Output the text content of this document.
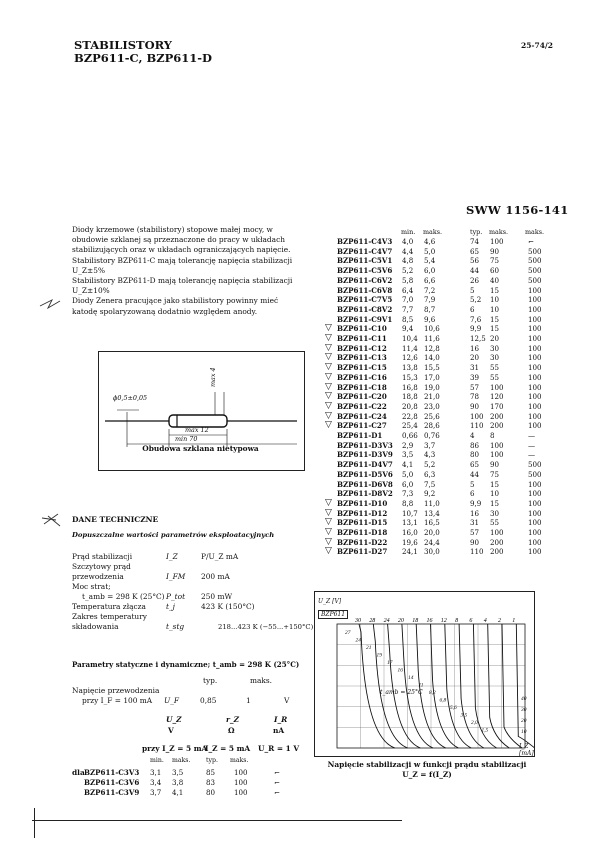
STABILISTORY
BZP611-C, BZP611-D
25-74/2
SWW 1156-141

Diody krzemowe (stabilistory) stopowe małej mocy, w obudowie szklanej są przeznaczone do pracy w układach stabilizujących oraz w układach ograniczających napięcie.

Stabilistory BZP611-C mają tolerancję napięcia stabilizacji U_Z±5%

Stabilistory BZP611-D mają tolerancję napięcia stabilizacji U_Z±10%

Diody Zenera pracujące jako stabilistory powinny mieć katodę spolaryzowaną dodatnio względem anody.

ϕ0,5±0,05
max 4
max 12
min 70
Obudowa szklana nietypowa
DANE TECHNICZNE
Dopuszczalne wartości parametrów eksploatacyjnych
Prąd stabilizacji	I_Z	P/U_Z mA
Szczytowy prąd przewodzenia	I_FM 200 mA
Moc strat;
t_amb = 298 K (25°C) P_tot 250 mW
Temperatura złącza	t_j	423 K (150°C)
Zakres temperatury składowania	t_stg	218...423 K (−55...+150°C)
Parametry statyczne i dynamiczne; t_amb = 298 K (25°C)
typ.	maks.
Napięcie przewodzenia
przy I_F = 100 mA U_F	0,85	1	V
U_Z	r_Z	I_R
V	Ω	nA
przy I_Z = 5 mA
I_Z = 5 mA U_R = 1 V
min. maks.	typ. maks.
dla BZP611-C3V3 3,1 3,5	85	100	⌐
BZP611-C3V6 3,4 3,8	83	100	⌐
BZP611-C3V9 3,7 4,1	80	100	⌐
min. maks.	typ. maks.	maks.
BZP611-C4V3 4,0 4,6	74 100	⌐
BZP611-C4V7 4,4 5,0	65 90	500
BZP611-C5V1 4,8 5,4	56 75	500
BZP611-C5V6 5,2 6,0	44 60	500
BZP611-C6V2 5,8 6,6	26 40	500
BZP611-C6V8 6,4 7,2	5 15	100
BZP611-C7V5 7,0 7,9	5,2 10	100
BZP611-C8V2 7,7 8,7	6 10	100
BZP611-C9V1 8,5 9,6	7,6 15	100
▽ BZP611-C10 9,4 10,6	9,9 15	100
▽ BZP611-C11 10,4 11,6	12,5 20	100
▽ BZP611-C12 11,4 12,8	16 30	100
▽ BZP611-C13 12,6 14,0	20 30	100
▽ BZP611-C15 13,8 15,5	31 55	100
▽ BZP611-C16 15,3 17,0	39 55	100
▽ BZP611-C18 16,8 19,0	57 100	100
▽ BZP611-C20 18,8 21,0	78 120	100
▽ BZP611-C22 20,8 23,0	90 170	100
▽ BZP611-C24 22,8 25,6	100 200	100
▽ BZP611-C27 25,4 28,6	110 200	100
BZP611-D1	0,66 0,76	4 8	—
BZP611-D3V3 2,9 3,7	86 100	—
BZP611-D3V9 3,5 4,3	80 100	—
BZP611-D4V7 4,1 5,2	65 90	500
BZP611-D5V6 5,0 6,3	44 75	500
BZP611-D6V8 6,0 7,5	5 15	100
BZP611-D8V2 7,3 9,2	6 10	100
▽ BZP611-D10 8,8 11,0	9,9 15	100
▽ BZP611-D12 10,7 13,4	16 30	100
▽ BZP611-D15 13,1 16,5	31 55	100
▽ BZP611-D18 16,0 20,0	57 100	100
▽ BZP611-D22 19,6 24,4	90 200	100
▽ BZP611-D27 24,1 30,0	110 200	100
30 28 24 20 18 16 12 8 6 4 2 1
27
24
21
19
17
16
14
11
8,2
6,8
5,6
3,5
2,0
1,5
40
30
20
10
BZP611
U_Z [V]
t_amb = 25°C
I_Z [mA]
Napięcie stabilizacji w funkcji prądu stabilizacji
U_Z = f(I_Z)
